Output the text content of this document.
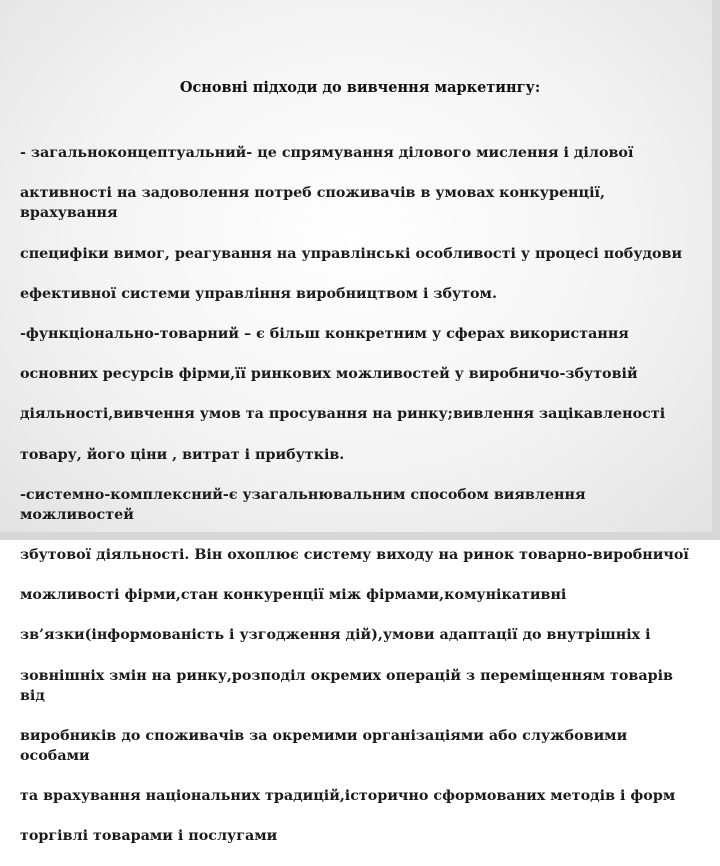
Основні підходи до вивчення маркетингу:

- загальноконцептуальний- це спрямування ділового мислення і ділової

активності на задоволення потреб споживачів в умовах конкуренції, врахування

специфіки вимог, реагування на управлінські особливості у процесі побудови

ефективної системи управління виробництвом і збутом.

-функціонально-товарний – є більш конкретним у сферах використання

основних ресурсів фірми,її ринкових можливостей у виробничо-збутовій

діяльності,вивчення умов та просування на ринку;вивлення зацікавленості

товару, його ціни , витрат і прибутків.

-системно-комплексний-є узагальнювальним способом виявлення можливостей

збутової діяльності. Він охоплює систему виходу на ринок товарно-виробничої

можливості фірми,стан конкуренції між фірмами,комунікативні

зв’язки(інформованість і узгодження дій),умови адаптації до внутрішніх і

зовнішніх змін на ринку,розподіл окремих операцій з переміщенням товарів від

виробників до споживачів за окремими організаціями або службовими особами

та врахування національних традицій,історично сформованих методів і форм

торгівлі товарами і послугами
